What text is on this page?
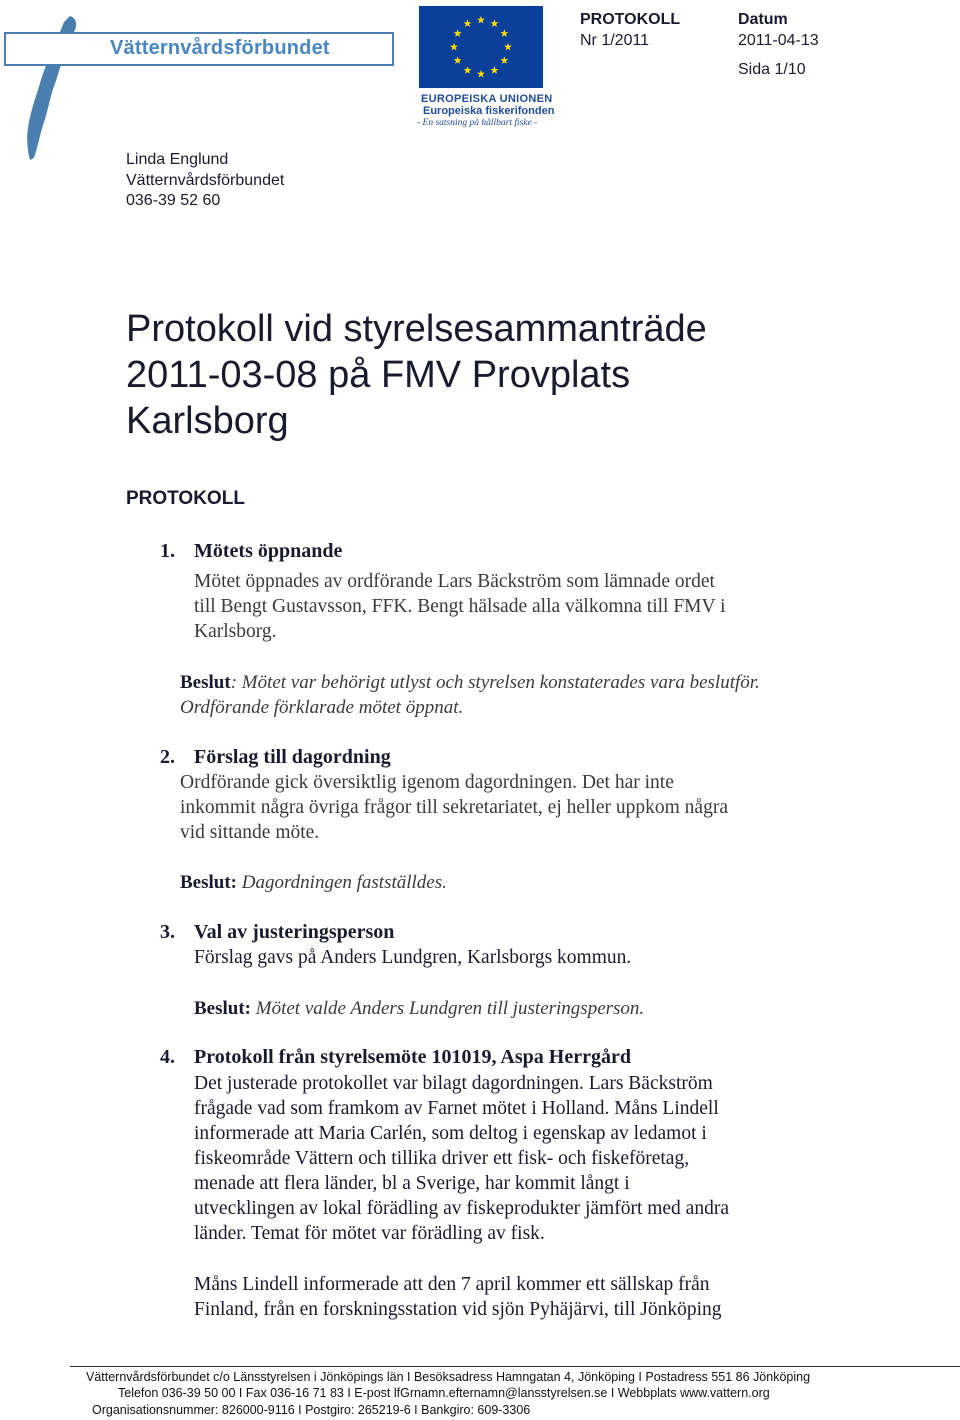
Vätternvårdsförbundet
EUROPEISKA UNIONEN
Europeiska fiskerifonden
- En satsning på hållbart fiske -
PROTOKOLL
Nr 1/2011
Datum
2011-04-13
Sida 1/10
Linda Englund
Vätternvårdsförbundet
036-39 52 60
Protokoll vid styrelsesammanträde
2011-03-08 på FMV Provplats
Karlsborg
PROTOKOLL
1. Mötets öppnande
Mötet öppnades av ordförande Lars Bäckström som lämnade ordet
till Bengt Gustavsson, FFK. Bengt hälsade alla välkomna till FMV i
Karlsborg.
Beslut: Mötet var behörigt utlyst och styrelsen konstaterades vara beslutför.
Ordförande förklarade mötet öppnat.
2. Förslag till dagordning
Ordförande gick översiktlig igenom dagordningen. Det har inte
inkommit några övriga frågor till sekretariatet, ej heller uppkom några
vid sittande möte.
Beslut: Dagordningen fastställdes.
3. Val av justeringsperson
Förslag gavs på Anders Lundgren, Karlsborgs kommun.
Beslut: Mötet valde Anders Lundgren till justeringsperson.
4. Protokoll från styrelsemöte 101019, Aspa Herrgård
Det justerade protokollet var bilagt dagordningen. Lars Bäckström
frågade vad som framkom av Farnet mötet i Holland. Måns Lindell
informerade att Maria Carlén, som deltog i egenskap av ledamot i
fiskeområde Vättern och tillika driver ett fisk- och fiskeföretag,
menade att flera länder, bl a Sverige, har kommit långt i
utvecklingen av lokal förädling av fiskeprodukter jämfört med andra
länder. Temat för mötet var förädling av fisk.
Måns Lindell informerade att den 7 april kommer ett sällskap från
Finland, från en forskningsstation vid sjön Pyhäjärvi, till Jönköping
Vätternvårdsförbundet c/o Länsstyrelsen i Jönköpings län I Besöksadress Hamngatan 4, Jönköping I Postadress 551 86 Jönköping
Telefon 036-39 50 00 I Fax 036-16 71 83 I E-post lfGrnamn.efternamn@lansstyrelsen.se I Webbplats www.vattern.org
Organisationsnummer: 826000-9116 I Postgiro: 265219-6 I Bankgiro: 609-3306
